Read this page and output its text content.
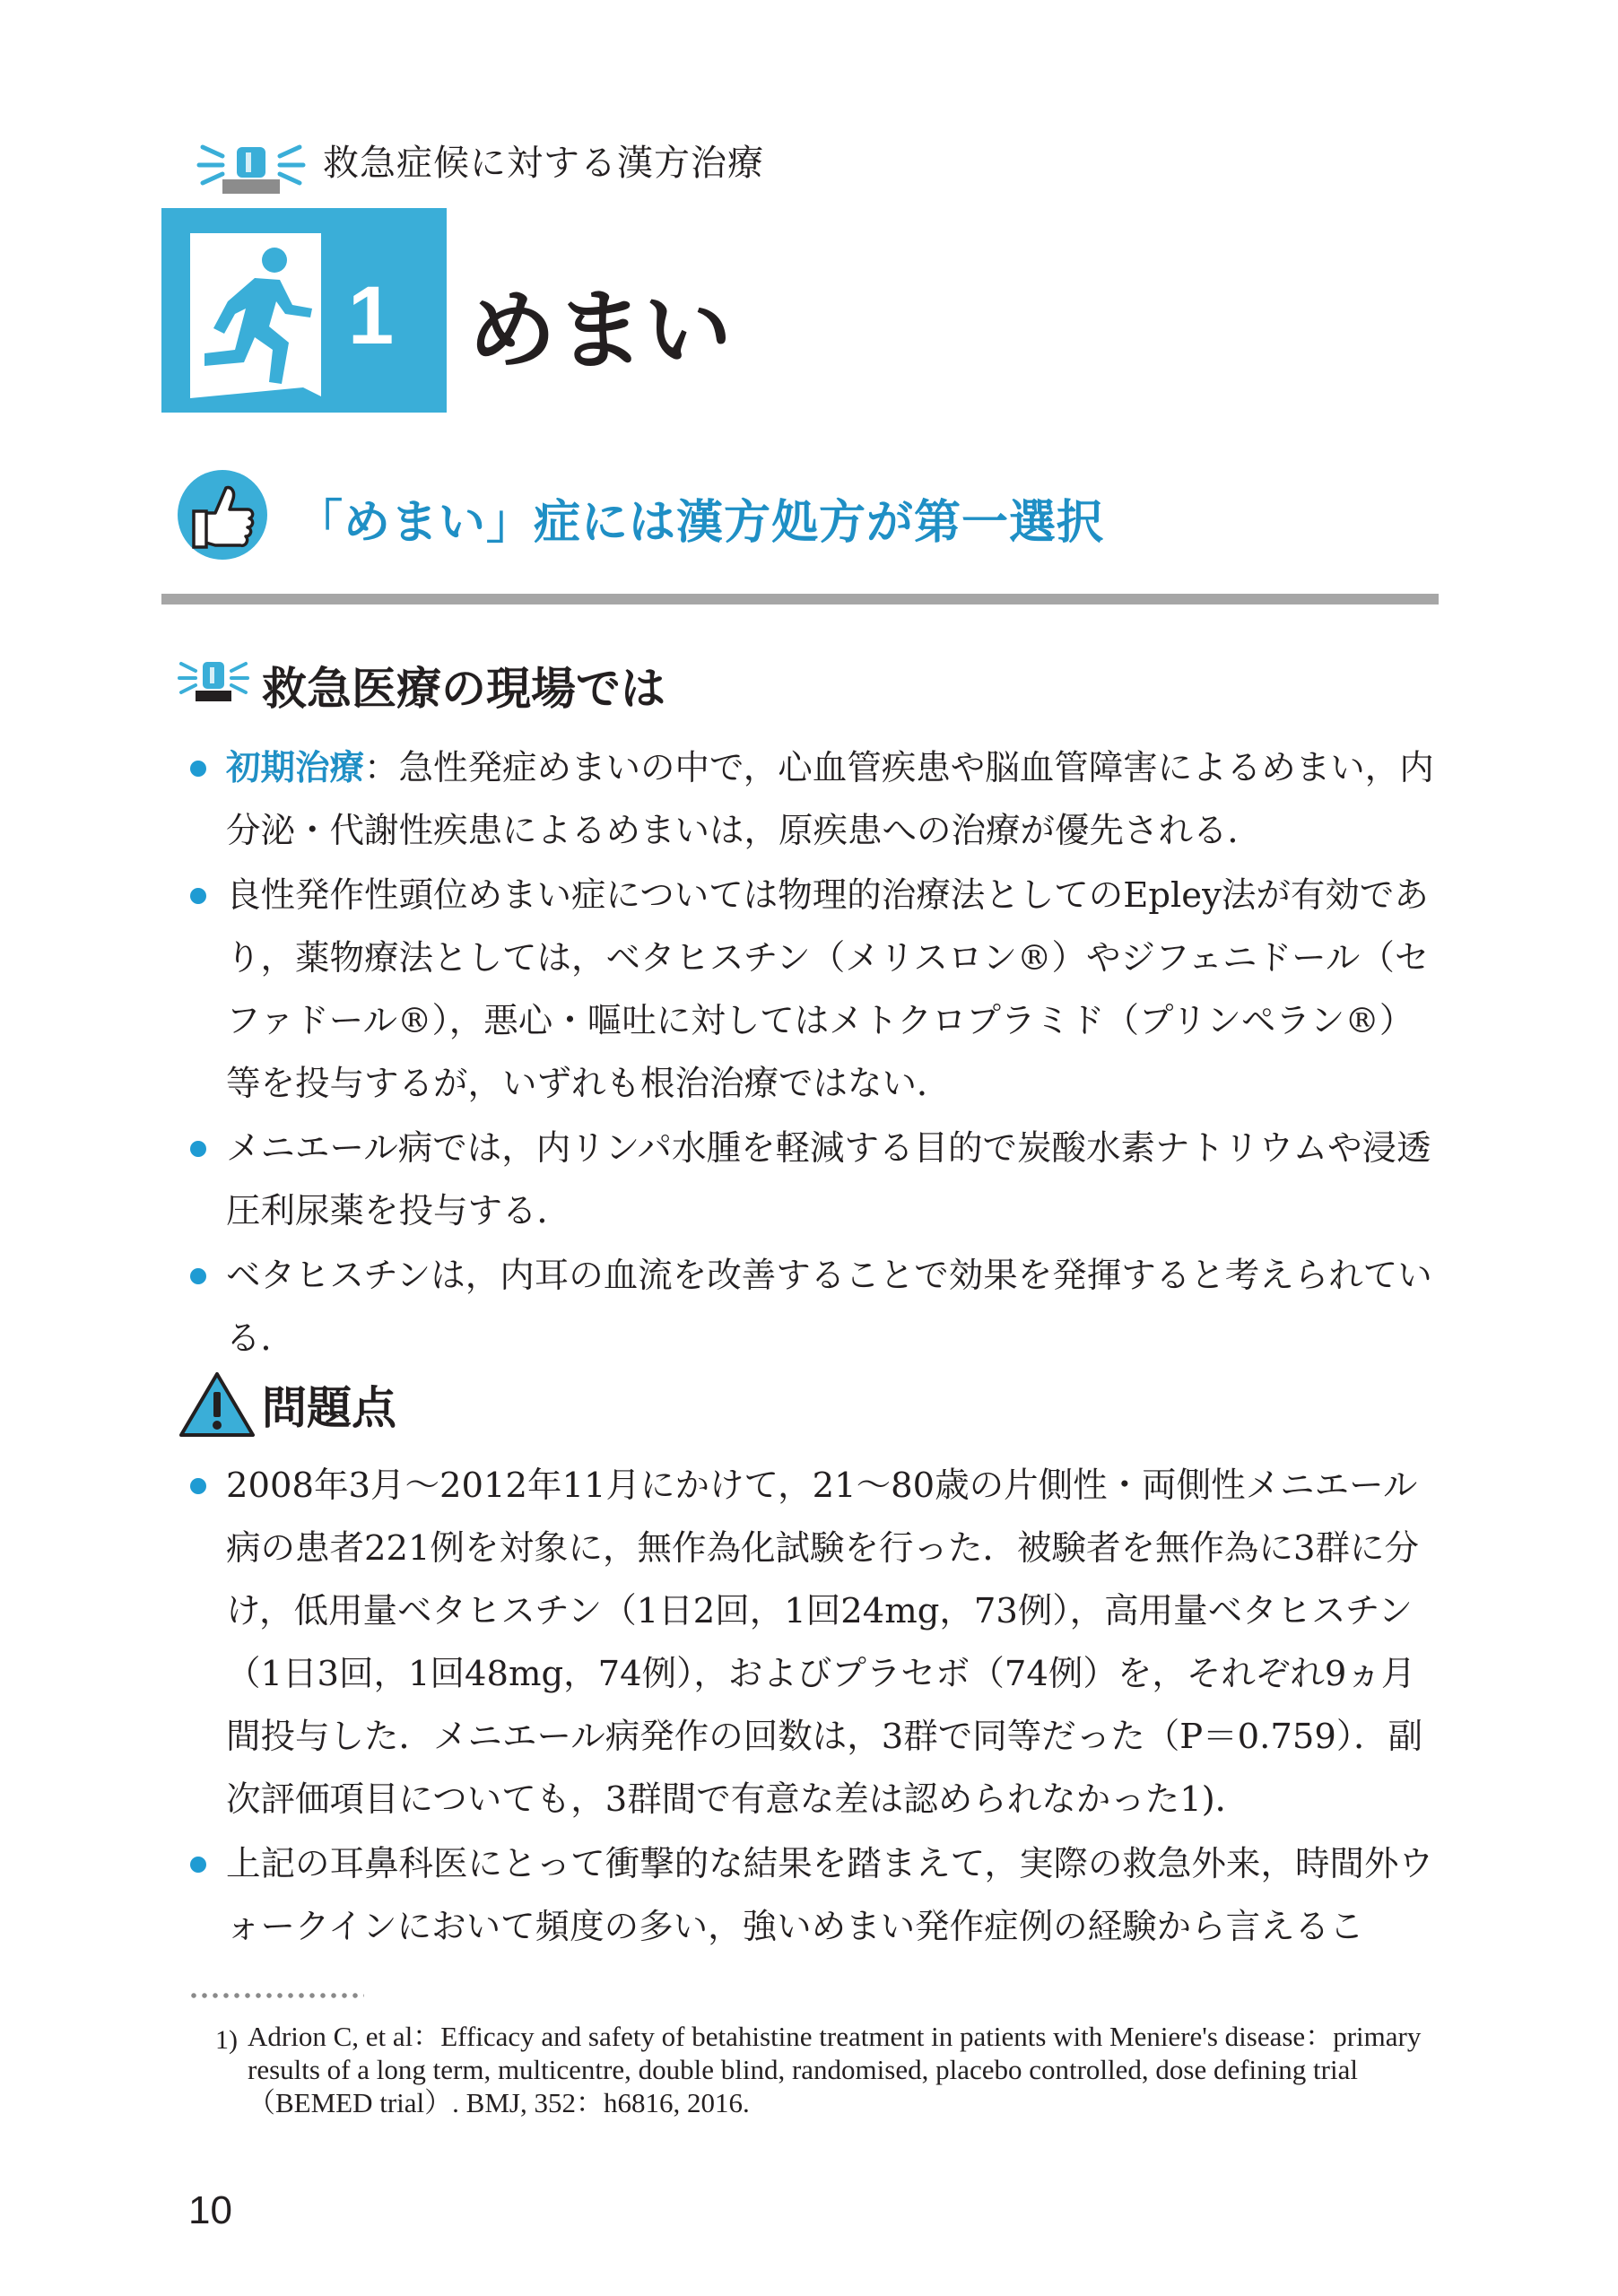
救急症候に対する漢方治療
1 めまい
「めまい」症には漢方処方が第一選択
救急医療の現場では

初期治療：急性発症めまいの中で，心血管疾患や脳血管障害によるめまい，内分泌・代謝性疾患によるめまいは，原疾患への治療が優先される．

良性発作性頭位めまい症については物理的治療法としてのEpley法が有効であり，薬物療法としては，ベタヒスチン（メリスロン®）やジフェニドール（セファドール®），悪心・嘔吐に対してはメトクロプラミド（プリンペラン®）等を投与するが，いずれも根治治療ではない．

メニエール病では，内リンパ水腫を軽減する目的で炭酸水素ナトリウムや浸透圧利尿薬を投与する．

ベタヒスチンは，内耳の血流を改善することで効果を発揮すると考えられている．

問題点

2008年3月～2012年11月にかけて，21～80歳の片側性・両側性メニエール病の患者221例を対象に，無作為化試験を行った．被験者を無作為に3群に分け，低用量ベタヒスチン（1日2回，1回24mg，73例），高用量ベタヒスチン（1日3回，1回48mg，74例），およびプラセボ（74例）を，それぞれ9ヵ月間投与した．メニエール病発作の回数は，3群で同等だった（P＝0.759）．副次評価項目についても，3群間で有意な差は認められなかった1)．

上記の耳鼻科医にとって衝撃的な結果を踏まえて，実際の救急外来，時間外ウォークインにおいて頻度の多い，強いめまい発作症例の経験から言えるこ

1) Adrion C, et al：Efficacy and safety of betahistine treatment in patients with Meniere's disease：primary results of a long term, multicentre, double blind, randomised, placebo controlled, dose defining trial（BEMED trial）. BMJ, 352：h6816, 2016.
10
